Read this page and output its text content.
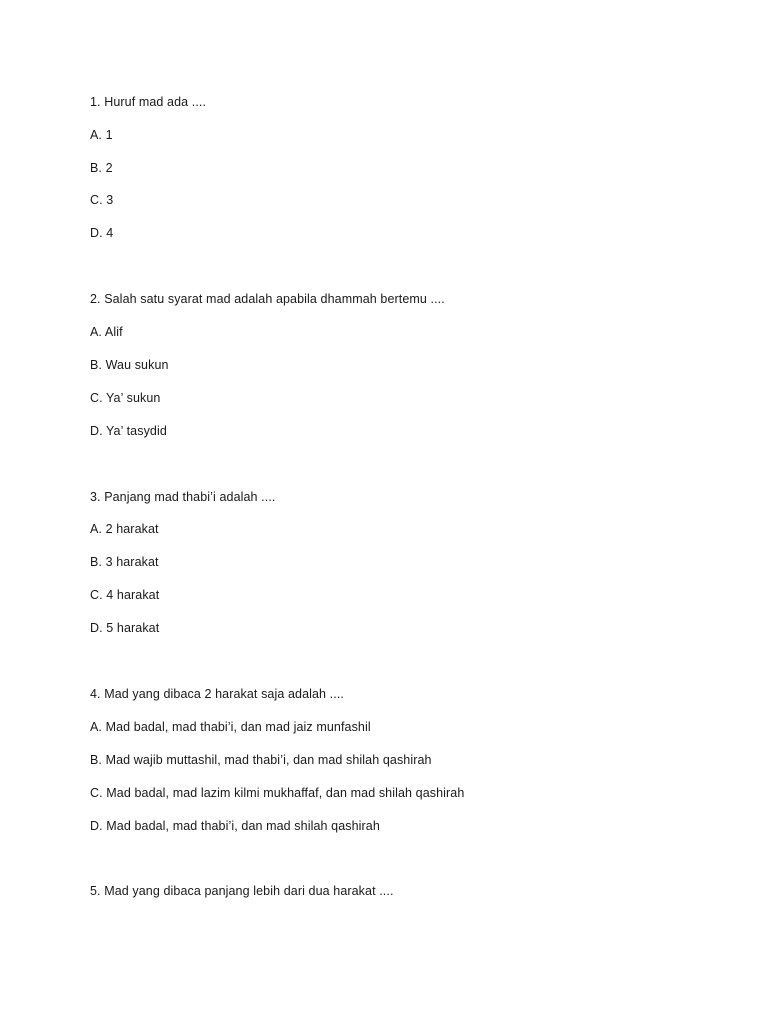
1. Huruf mad ada ....
A. 1
B. 2
C. 3
D. 4
2. Salah satu syarat mad adalah apabila dhammah bertemu ....
A. Alif
B. Wau sukun
C. Ya’ sukun
D. Ya’ tasydid
3. Panjang mad thabi’i adalah ....
A. 2 harakat
B. 3 harakat
C. 4 harakat
D. 5 harakat
4. Mad yang dibaca 2 harakat saja adalah ....
A. Mad badal, mad thabi’i, dan mad jaiz munfashil
B. Mad wajib muttashil, mad thabi’i, dan mad shilah qashirah
C. Mad badal, mad lazim kilmi mukhaffaf, dan mad shilah qashirah
D. Mad badal, mad thabi’i, dan mad shilah qashirah
5. Mad yang dibaca panjang lebih dari dua harakat ....
